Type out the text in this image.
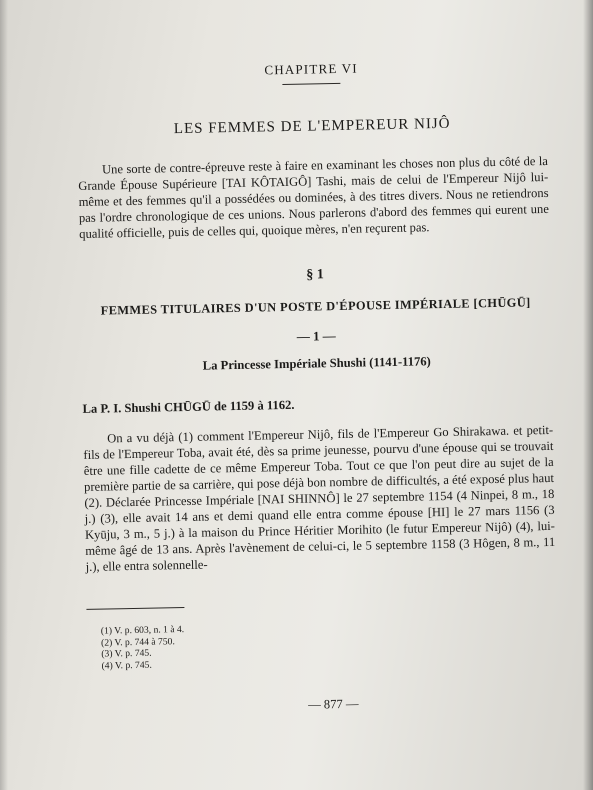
CHAPITRE VI
LES FEMMES DE L'EMPEREUR NIJÔ

Une sorte de contre-épreuve reste à faire en examinant les choses non plus du côté de la Grande Épouse Supérieure [TAI KÔTAIGÔ] Tashi, mais de celui de l'Empereur Nijô lui-même et des femmes qu'il a possédées ou dominées, à des titres divers. Nous ne retiendrons pas l'ordre chronologique de ces unions. Nous parlerons d'abord des femmes qui eurent une qualité officielle, puis de celles qui, quoique mères, n'en reçurent pas.

§ 1
FEMMES TITULAIRES D'UN POSTE D'ÉPOUSE IMPÉRIALE [CHŪGŪ]
— 1 —
La Princesse Impériale Shushi (1141-1176)
La P. I. Shushi CHŪGŪ de 1159 à 1162.

On a vu déjà (1) comment l'Empereur Nijô, fils de l'Empereur Go Shirakawa. et petit-fils de l'Empereur Toba, avait été, dès sa prime jeunesse, pourvu d'une épouse qui se trouvait être une fille cadette de ce même Empereur Toba. Tout ce que l'on peut dire au sujet de la première partie de sa carrière, qui pose déjà bon nombre de difficultés, a été exposé plus haut (2). Déclarée Princesse Impériale [NAI SHINNÔ] le 27 septembre 1154 (4 Ninpei, 8 m., 18 j.) (3), elle avait 14 ans et demi quand elle entra comme épouse [HI] le 27 mars 1156 (3 Kyūju, 3 m., 5 j.) à la maison du Prince Héritier Morihito (le futur Empereur Nijô) (4), lui-même âgé de 13 ans. Après l'avènement de celui-ci, le 5 septembre 1158 (3 Hôgen, 8 m., 11 j.), elle entra solennelle-

(1) V. p. 603, n. 1 à 4.
(2) V. p. 744 à 750.
(3) V. p. 745.
(4) V. p. 745.
— 877 —
